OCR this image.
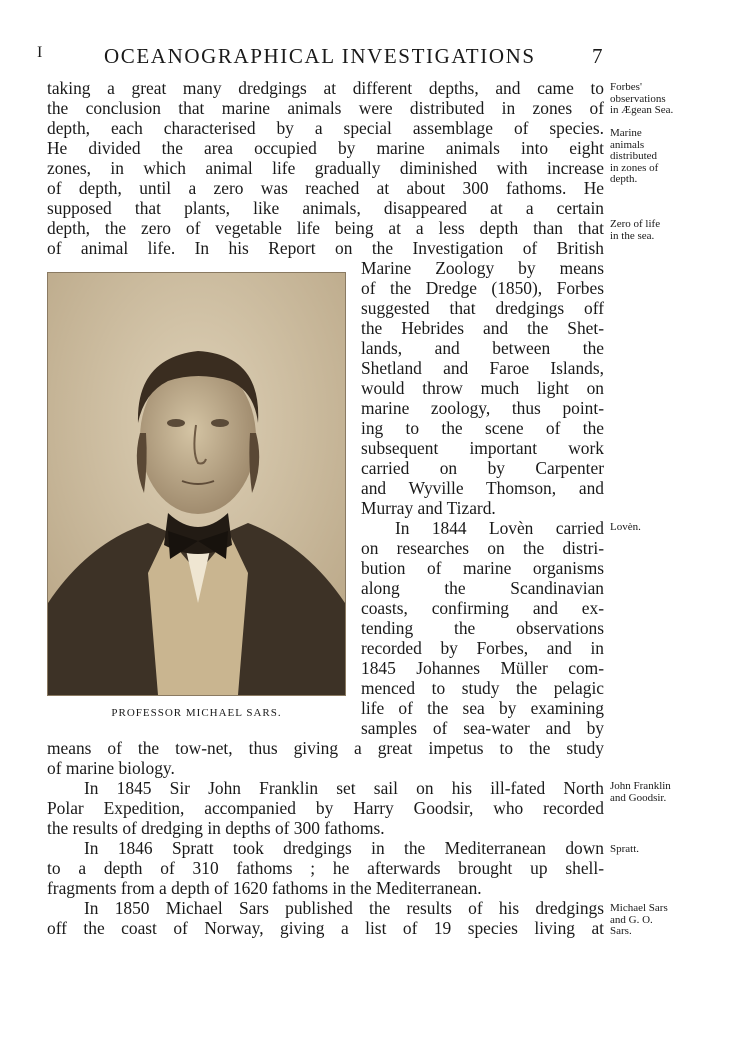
I	OCEANOGRAPHICAL INVESTIGATIONS	7
taking a great many dredgings at different depths, and came to
the conclusion that marine animals were distributed in zones of
depth, each characterised by a special assemblage of species.
He divided the area occupied by marine animals into eight
zones, in which animal life gradually diminished with increase
of depth, until a zero was reached at about 300 fathoms. He
supposed that plants, like animals, disappeared at a certain
depth, the zero of vegetable life being at a less depth than that
of animal life. In his Report on the Investigation of British
Marine Zoology by means
of the Dredge (1850), Forbes
suggested that dredgings off
the Hebrides and the Shet-
lands, and between the
Shetland and Faroe Islands,
would throw much light on
marine zoology, thus point-
ing to the scene of the
subsequent important work
carried on by Carpenter
and Wyville Thomson, and
Murray and Tizard.
In 1844 Lovèn carried
on researches on the distri-
bution of marine organisms
along the Scandinavian
coasts, confirming and ex-
tending the observations
recorded by Forbes, and in
1845 Johannes Müller com-
menced to study the pelagic
life of the sea by examining
samples of sea-water and by
means of the tow-net, thus giving a great impetus to the study
of marine biology.
In 1845 Sir John Franklin set sail on his ill-fated North
Polar Expedition, accompanied by Harry Goodsir, who recorded
the results of dredging in depths of 300 fathoms.
In 1846 Spratt took dredgings in the Mediterranean down
to a depth of 310 fathoms ; he afterwards brought up shell-
fragments from a depth of 1620 fathoms in the Mediterranean.
In 1850 Michael Sars published the results of his dredgings
off the coast of Norway, giving a list of 19 species living at
Forbes'
observations
in Ægean Sea.
Marine
animals
distributed
in zones of
depth.
Zero of life
in the sea.
Lovèn.
John Franklin
and Goodsir.
Spratt.
Michael Sars
and G. O.
Sars.
PROFESSOR MICHAEL SARS.
